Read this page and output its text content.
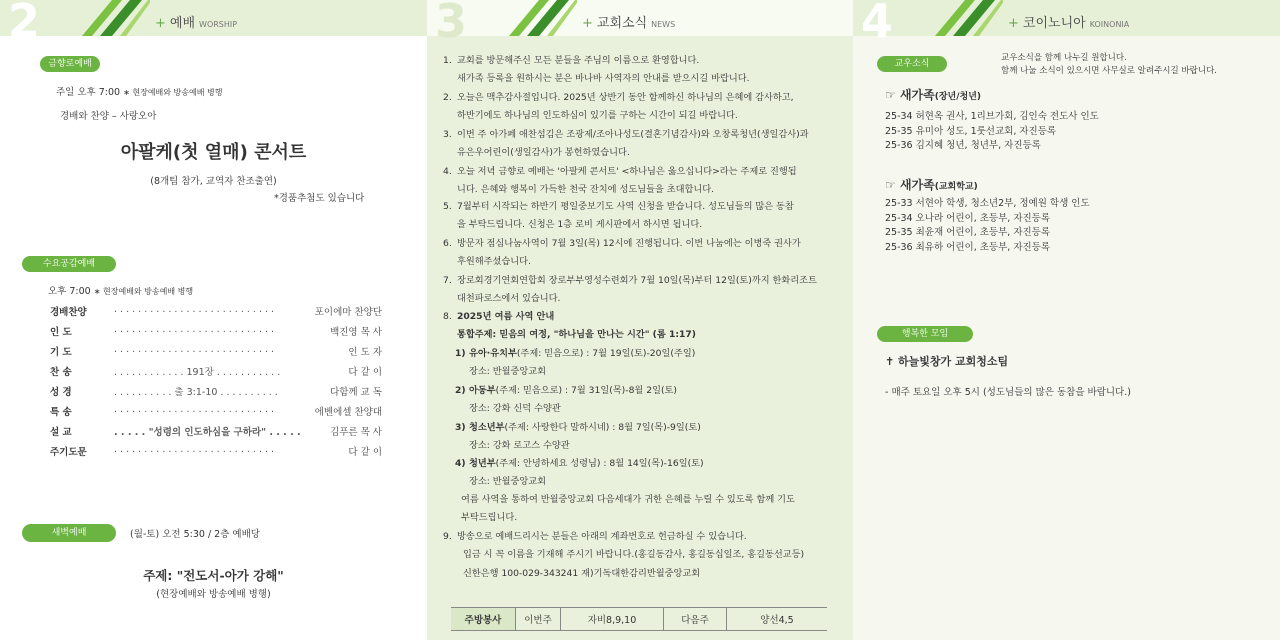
2	+ 예배 WORSHIP
금향로예배
주일 오후 7:00 ∗ 현장예배와 방송예배 병행
경배와 찬양 – 사랑오아
아팔케(첫 열매) 콘서트
(8개팀 참가, 교역자 찬조출연)
*경품추첨도 있습니다
수요공감예배
오후 7:00 ∗ 현장예배와 방송예배 병행
경배찬양	. . . . . . . . . . . . . . . . . . . . . . . . . . .	포이에마 찬양단
인 도	. . . . . . . . . . . . . . . . . . . . . . . . . . .	백진영 목 사
기 도	. . . . . . . . . . . . . . . . . . . . . . . . . . .	인 도 자
찬 송	. . . . . . . . . . . . 191장 . . . . . . . . . . .	다 같 이
성 경	. . . . . . . . . . 출 3:1-10 . . . . . . . . . .	다함께 교 독
특 송	. . . . . . . . . . . . . . . . . . . . . . . . . . .	에벤에셀 찬양대
설 교	. . . . . "성령의 인도하심을 구하라" . . . . .	김푸른 목 사
주기도문	. . . . . . . . . . . . . . . . . . . . . . . . . . .	다 같 이
새벽예배	(월-토) 오전 5:30 / 2층 예배당
주제: "전도서-아가 강해"
(현장예배와 방송예배 병행)
3	+ 교회소식 NEWS
1. 교회를 방문해주신 모든 분들을 주님의 이름으로 환영합니다.
새가족 등록을 원하시는 분은 바나바 사역자의 안내를 받으시길 바랍니다.
2. 오늘은 맥추감사절입니다. 2025년 상반기 동안 함께하신 하나님의 은혜에 감사하고,
하반기에도 하나님의 인도하심이 있기를 구하는 시간이 되길 바랍니다.
3. 이번 주 아가페 애찬섬김은 조광제/조아나성도(결혼기념감사)와 오창록청년(생일감사)과
유은우어린이(생일감사)가 봉헌하였습니다.
4. 오늘 저녁 금향로 예배는 '아팔케 콘서트' <하나님은 옳으십니다>라는 주제로 진행됩
니다. 은혜와 행복이 가득한 천국 잔치에 성도님들을 초대합니다.
5. 7월부터 시작되는 하반기 평일중보기도 사역 신청을 받습니다. 성도님들의 많은 동참
을 부탁드립니다. 신청은 1층 로비 게시판에서 하시면 됩니다.
6. 방문자 점심나눔사역이 7월 3일(목) 12시에 진행됩니다. 이번 나눔에는 이병죽 권사가
후원해주셨습니다.
7. 장로회경기연회연합회 장로부부영성수련회가 7월 10일(목)부터 12일(토)까지 한화리조트
대천파로스에서 있습니다.
8. 2025년 여름 사역 안내
통합주제: 믿음의 여정, "하나님을 만나는 시간" (롬 1:17)
1) 유아·유치부(주제: 믿음으로) : 7월 19일(토)-20일(주일)
장소: 반월중앙교회
2) 아동부(주제: 믿음으로) : 7월 31일(목)-8월 2일(토)
장소: 강화 신덕 수양관
3) 청소년부(주제: 사랑한다 말하시네) : 8월 7일(목)-9일(토)
장소: 강화 로고스 수양관
4) 청년부(주제: 안녕하세요 성령님) : 8월 14일(목)-16일(토)
장소: 반월중앙교회
여름 사역을 통하여 반월중앙교회 다음세대가 귀한 은혜를 누릴 수 있도록 함께 기도
부탁드립니다.
9. 방송으로 예배드리시는 분들은 아래의 계좌번호로 헌금하실 수 있습니다.
입금 시 꼭 이름을 기재해 주시기 바랍니다.(홍길동감사, 홍길동십일조, 홍길동선교등)
신한은행 100-029-343241 재)기독대한감리반월중앙교회
주방봉사	이번주	자비8,9,10	다음주	양선4,5
4	+ 코이노니아 KOINONIA
교우소식
교우소식을 함께 나누길 원합니다.
함께 나눌 소식이 있으시면 사무실로 알려주시길 바랍니다.
☞ 새가족(장년/청년)
25-34 허현옥 권사, 1리브가회, 김인숙 전도사 인도
25-35 유미아 성도, 1룻선교회, 자진등록
25-36 김지혜 청년, 청년부, 자진등록
☞ 새가족(교회학교)
25-33 서현아 학생, 청소년2부, 정예원 학생 인도
25-34 오나라 어린이, 초등부, 자진등록
25-35 최윤재 어린이, 초등부, 자진등록
25-36 최유하 어린이, 초등부, 자진등록
행복한 모임
✝ 하늘빛창가 교회청소팀
- 매주 토요일 오후 5시 (성도님들의 많은 동참을 바랍니다.)
